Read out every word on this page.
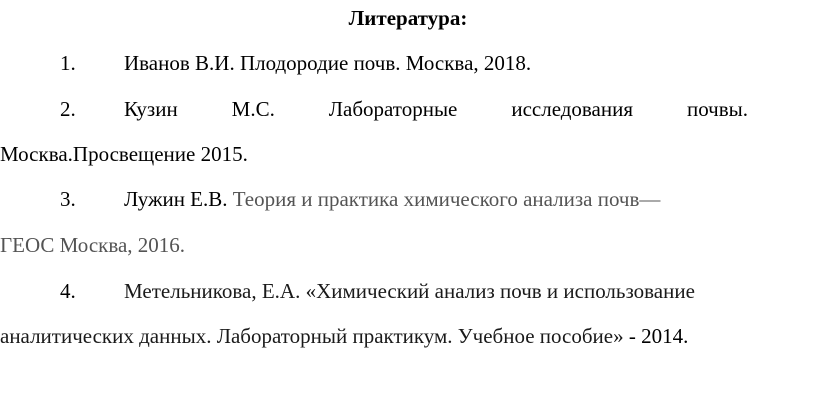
Литература:
1. Иванов В.И. Плодородие почв. Москва, 2018.
2. Кузин М.С. Лабораторные исследования почвы.
Москва.Просвещение 2015.
3. Лужин Е.В. Теория и практика химического анализа почв—
ГЕОС Москва, 2016.
4. Метельникова, Е.А. «Химический анализ почв и использование
аналитических данных. Лабораторный практикум. Учебное пособие» - 2014.
